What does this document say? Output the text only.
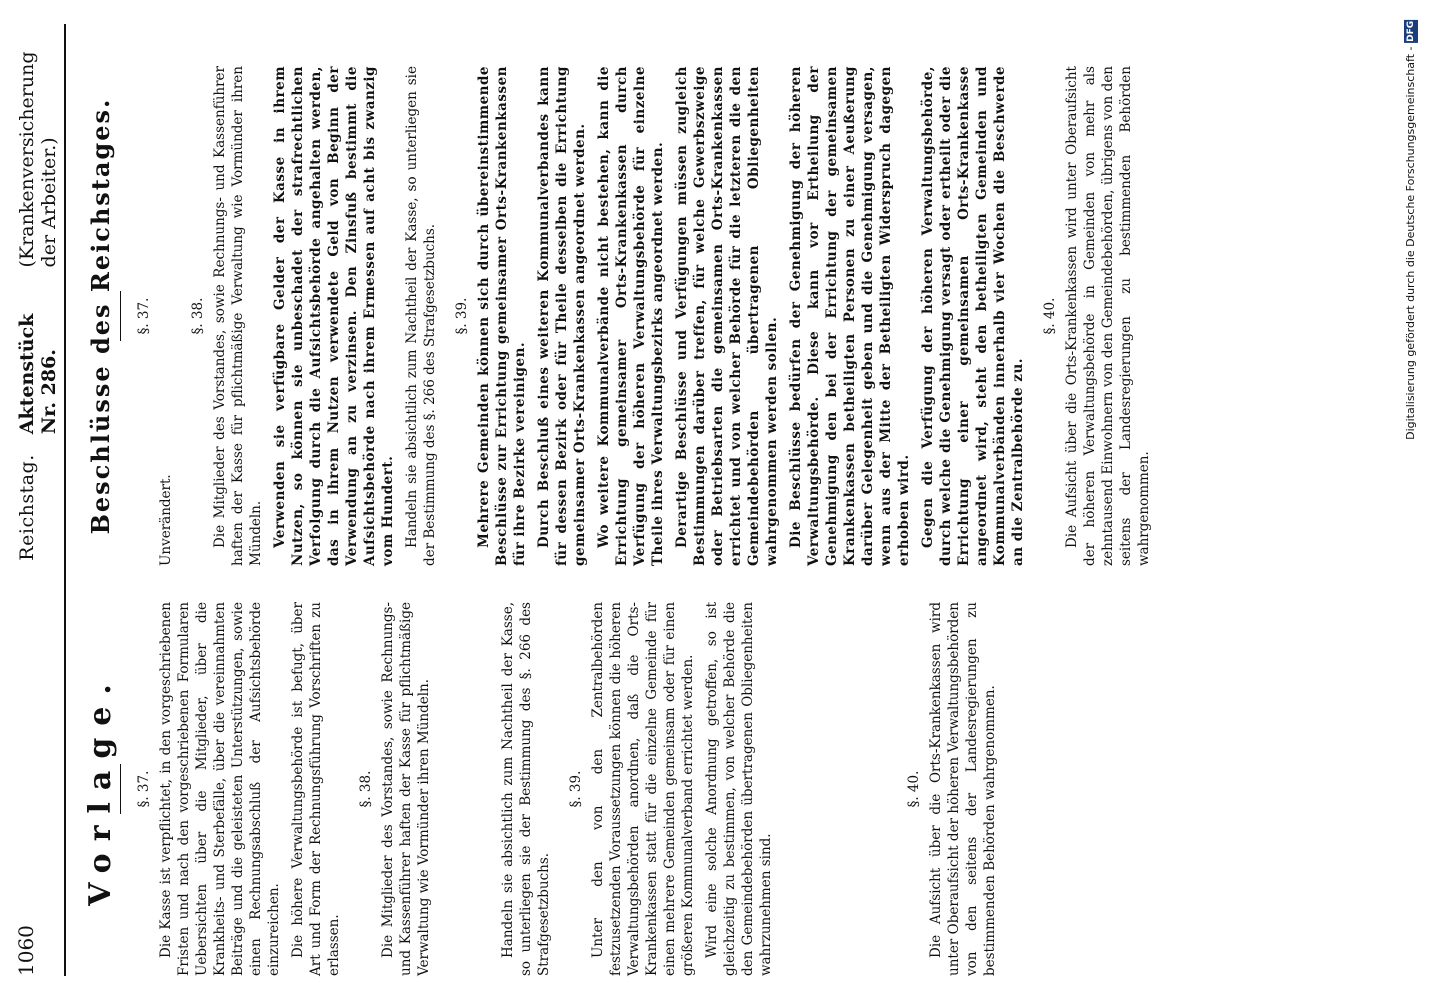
1060
Reichstag.
Aktenstück Nr. 286.
(Krankenversicherung der Arbeiter.)
Vorlage. §. 37. Die Kasse ist verpflichtet, in den vorgeschriebenen Fristen und nach den vorgeschriebenen Formularen Uebersichten über die Mitglieder, über die Krankheits- und Sterbefälle, über die vereinnahmten Beiträge und die geleisteten Unterstützungen, sowie einen Rechnungsabschluß der Aufsichtsbehörde einzureichen. Die höhere Verwaltungsbehörde ist befugt, über Art und Form der Rechnungsführung Vorschriften zu erlassen.

§. 38. Die Mitglieder des Vorstandes, sowie Rechnungs- und Kassenführer haften der Kasse für pflichtmäßige Verwaltung wie Vormünder ihren Mündeln.	Handeln sie absichtlich zum Nachtheil der Kasse, so unterliegen sie der Bestimmung des §. 266 des Strafgesetzbuchs.

§. 39. Unter den von den Zentralbehörden festzusetzenden Voraussetzungen können die höheren Verwaltungsbehörden anordnen, daß die Orts-Krankenkassen statt für die einzelne Gemeinde für einen mehrere Gemeinden gemeinsam oder für einen größeren Kommunalverband errichtet werden. Wird eine solche Anordnung getroffen, so ist gleichzeitig zu bestimmen, von welcher Behörde die den Gemeindebehörden übertragenen Obliegenheiten wahrzunehmen sind.

§. 40. Die Aufsicht über die Orts-Krankenkassen wird unter Oberaufsicht der höheren Verwaltungsbehörden von den seitens der Landesregierungen zu bestimmenden Behörden wahrgenommen.

Beschlüsse des Reichstages. §. 37.

Unverändert.

§. 38. Die Mitglieder des Vorstandes, sowie Rechnungs- und Kassenführer haften der Kasse für pflichtmäßige Verwaltung wie Vormünder ihren Mündeln. Verwenden sie verfügbare Gelder der Kasse in ihrem Nutzen, so können sie unbeschadet der strafrechtlichen Verfolgung durch die Aufsichtsbehörde angehalten werden, das in ihrem Nutzen verwendete Geld von Beginn der Verwendung an zu verzinsen. Den Zinsfuß bestimmt die Aufsichtsbehörde nach ihrem Ermessen auf acht bis zwanzig vom Hundert. Handeln sie absichtlich zum Nachtheil der Kasse, so unterliegen sie der Bestimmung des §. 266 des Strafgesetzbuchs. §. 39. Mehrere Gemeinden können sich durch übereinstimmende Beschlüsse zur Errichtung gemeinsamer Orts-Krankenkassen für ihre Bezirke vereinigen. Durch Beschluß eines weiteren Kommunalverbandes kann für dessen Bezirk oder für Theile desselben die Errichtung gemeinsamer Orts-Krankenkassen angeordnet werden. Wo weitere Kommunalverbände nicht bestehen, kann die Errichtung gemeinsamer Orts-Krankenkassen durch Verfügung der höheren Verwaltungsbehörde für einzelne Theile ihres Verwaltungsbezirks angeordnet werden. Derartige Beschlüsse und Verfügungen müssen zugleich Bestimmungen darüber treffen, für welche Gewerbszweige oder Betriebsarten die gemeinsamen Orts-Krankenkassen errichtet und von welcher Behörde für die letzteren die den Gemeindebehörden übertragenen Obliegenheiten wahrgenommen werden sollen. Die Beschlüsse bedürfen der Genehmigung der höheren Verwaltungsbehörde. Diese kann vor Ertheilung der Genehmigung den bei der Errichtung der gemeinsamen Krankenkassen betheiligten Personen zu einer Aeußerung darüber Gelegenheit geben und die Genehmigung versagen, wenn aus der Mitte der Betheiligten Widerspruch dagegen erhoben wird. Gegen die Verfügung der höheren Verwaltungsbehörde, durch welche die Genehmigung versagt oder ertheilt oder die Errichtung einer gemeinsamen Orts-Krankenkasse angeordnet wird, steht den betheiligten Gemeinden und Kommunalverbänden innerhalb vier Wochen die Beschwerde an die Zentralbehörde zu.

§. 40. Die Aufsicht über die Orts-Krankenkassen wird unter Oberaufsicht der höheren Verwaltungsbehörde in Gemeinden von mehr als zehntausend Einwohnern von den Gemeindebehörden, übrigens von den seitens der Landesregierungen zu bestimmenden Behörden wahrgenommen.

Digitalisierung gefördert durch die Deutsche Forschungsgemeinschaft - DFG
